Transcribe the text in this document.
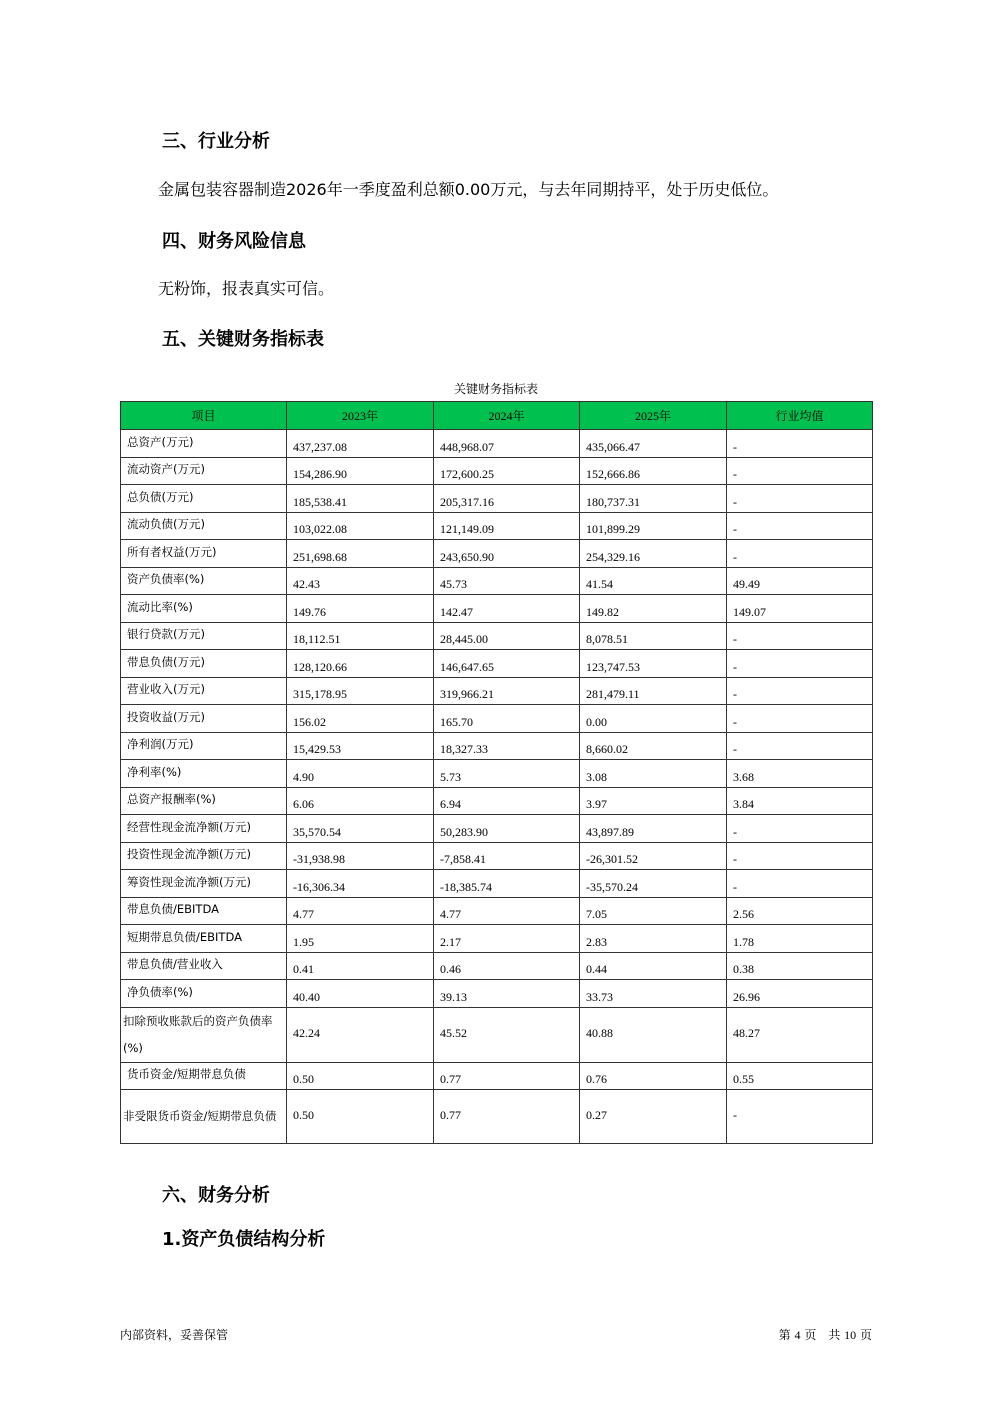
三、行业分析
金属包装容器制造2026年一季度盈利总额0.00万元，与去年同期持平，处于历史低位。
四、财务风险信息
无粉饰，报表真实可信。
五、关键财务指标表
关键财务指标表
项目	2023年	2024年	2025年	行业均值
总资产(万元)	437,237.08	448,968.07	435,066.47	-
流动资产(万元)	154,286.90	172,600.25	152,666.86	-
总负债(万元)	185,538.41	205,317.16	180,737.31	-
流动负债(万元)	103,022.08	121,149.09	101,899.29	-
所有者权益(万元)	251,698.68	243,650.90	254,329.16	-
资产负债率(%)	42.43	45.73	41.54	49.49
流动比率(%)	149.76	142.47	149.82	149.07
银行贷款(万元)	18,112.51	28,445.00	8,078.51	-
带息负债(万元)	128,120.66	146,647.65	123,747.53	-
营业收入(万元)	315,178.95	319,966.21	281,479.11	-
投资收益(万元)	156.02	165.70	0.00	-
净利润(万元)	15,429.53	18,327.33	8,660.02	-
净利率(%)	4.90	5.73	3.08	3.68
总资产报酬率(%)	6.06	6.94	3.97	3.84
经营性现金流净额(万元)	35,570.54	50,283.90	43,897.89	-
投资性现金流净额(万元)	-31,938.98	-7,858.41	-26,301.52	-
筹资性现金流净额(万元)	-16,306.34	-18,385.74	-35,570.24	-
带息负债/EBITDA	4.77	4.77	7.05	2.56
短期带息负债/EBITDA	1.95	2.17	2.83	1.78
带息负债/营业收入	0.41	0.46	0.44	0.38
净负债率(%)	40.40	39.13	33.73	26.96
扣除预收账款后的资产负债率(%)	42.24	45.52	40.88	48.27
货币资金/短期带息负债	0.50	0.77	0.76	0.55
非受限货币资金/短期带息负债	0.50	0.77	0.27	-
六、财务分析
1.资产负债结构分析
内部资料，妥善保管	第 4 页　共 10 页
